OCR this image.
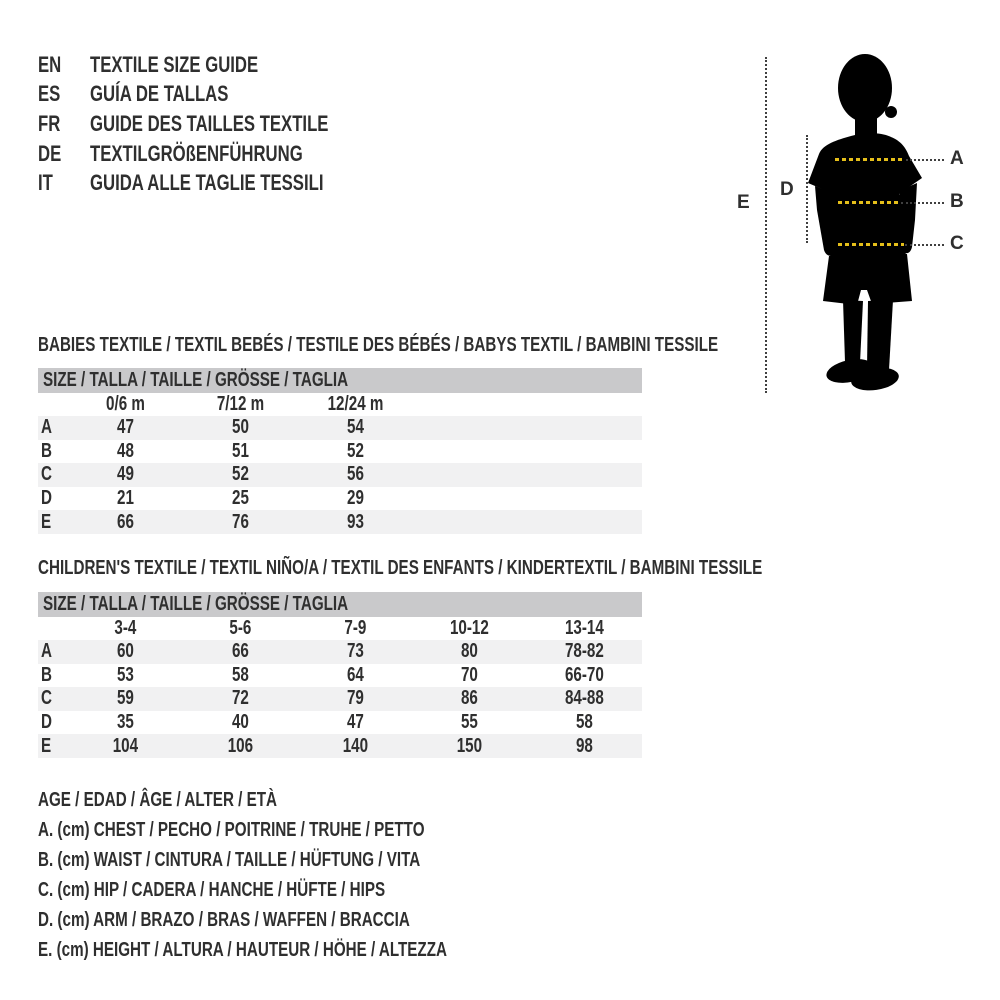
EN	TEXTILE SIZE GUIDE
ES	GUÍA DE TALLAS
FR	GUIDE DES TAILLES TEXTILE
DE	TEXTILGRÖßENFÜHRUNG
IT	GUIDA ALLE TAGLIE TESSILI
E
D
A
B
C
BABIES TEXTILE / TEXTIL BEBÉS / TESTILE DES BÉBÉS / BABYS TEXTIL / BAMBINI TESSILE
SIZE / TALLA / TAILLE / GRÖSSE / TAGLIA
0/6 m	7/12 m	12/24 m
A	47	50	54
B	48	51	52
C	49	52	56
D	21	25	29
E	66	76	93
CHILDREN'S TEXTILE / TEXTIL NIÑO/A / TEXTIL DES ENFANTS / KINDERTEXTIL / BAMBINI TESSILE
SIZE / TALLA / TAILLE / GRÖSSE / TAGLIA
3-4	5-6	7-9	10-12	13-14
A	60	66	73	80	78-82
B	53	58	64	70	66-70
C	59	72	79	86	84-88
D	35	40	47	55	58
E	104	106	140	150	98
AGE / EDAD / ÂGE / ALTER / ETÀ
A. (cm) CHEST / PECHO / POITRINE / TRUHE / PETTO
B. (cm) WAIST / CINTURA / TAILLE / HÜFTUNG / VITA
C. (cm) HIP / CADERA / HANCHE / HÜFTE / HIPS
D. (cm) ARM / BRAZO / BRAS / WAFFEN / BRACCIA
E. (cm) HEIGHT / ALTURA / HAUTEUR / HÖHE / ALTEZZA
